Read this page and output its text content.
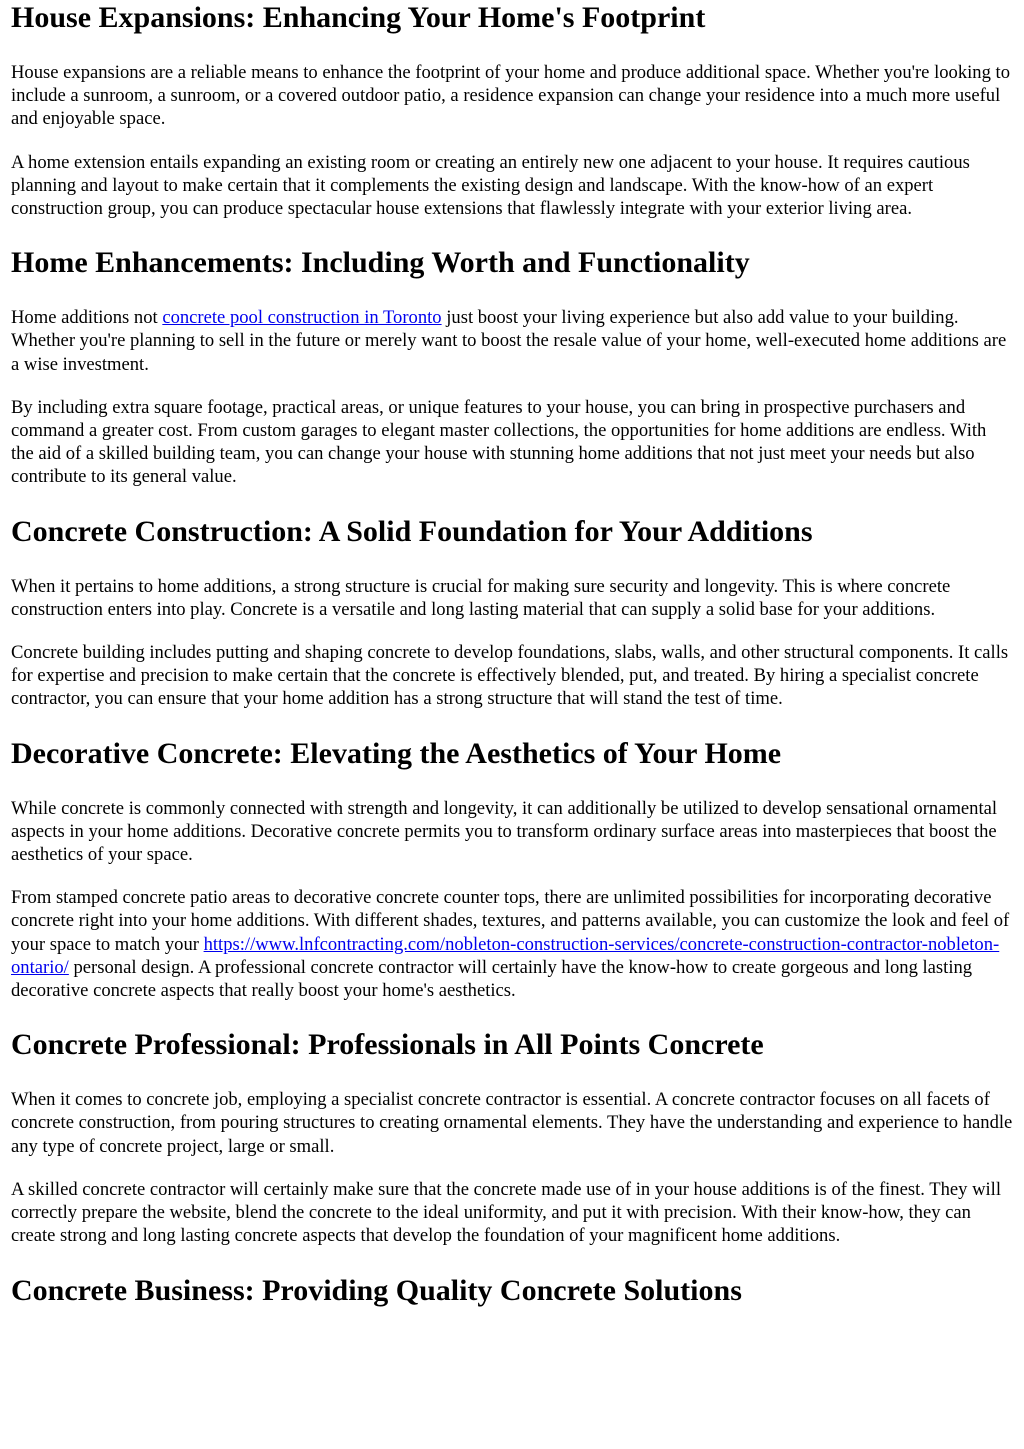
House Expansions: Enhancing Your Home's Footprint

House expansions are a reliable means to enhance the footprint of your home and produce additional space. Whether you're looking to include a sunroom, a sunroom, or a covered outdoor patio, a residence expansion can change your residence into a much more useful and enjoyable space.

A home extension entails expanding an existing room or creating an entirely new one adjacent to your house. It requires cautious planning and layout to make certain that it complements the existing design and landscape. With the know-how of an expert construction group, you can produce spectacular house extensions that flawlessly integrate with your exterior living area.

Home Enhancements: Including Worth and Functionality

Home additions not concrete pool construction in Toronto just boost your living experience but also add value to your building. Whether you're planning to sell in the future or merely want to boost the resale value of your home, well-executed home additions are a wise investment.

By including extra square footage, practical areas, or unique features to your house, you can bring in prospective purchasers and command a greater cost. From custom garages to elegant master collections, the opportunities for home additions are endless. With the aid of a skilled building team, you can change your house with stunning home additions that not just meet your needs but also contribute to its general value.

Concrete Construction: A Solid Foundation for Your Additions

When it pertains to home additions, a strong structure is crucial for making sure security and longevity. This is where concrete construction enters into play. Concrete is a versatile and long lasting material that can supply a solid base for your additions.

Concrete building includes putting and shaping concrete to develop foundations, slabs, walls, and other structural components. It calls for expertise and precision to make certain that the concrete is effectively blended, put, and treated. By hiring a specialist concrete contractor, you can ensure that your home addition has a strong structure that will stand the test of time.

Decorative Concrete: Elevating the Aesthetics of Your Home

While concrete is commonly connected with strength and longevity, it can additionally be utilized to develop sensational ornamental aspects in your home additions. Decorative concrete permits you to transform ordinary surface areas into masterpieces that boost the aesthetics of your space.

From stamped concrete patio areas to decorative concrete counter tops, there are unlimited possibilities for incorporating decorative concrete right into your home additions. With different shades, textures, and patterns available, you can customize the look and feel of your space to match your https://www.lnfcontracting.com/nobleton-construction-services/concrete-construction-contractor-nobleton-ontario/ personal design. A professional concrete contractor will certainly have the know-how to create gorgeous and long lasting decorative concrete aspects that really boost your home's aesthetics.

Concrete Professional: Professionals in All Points Concrete

When it comes to concrete job, employing a specialist concrete contractor is essential. A concrete contractor focuses on all facets of concrete construction, from pouring structures to creating ornamental elements. They have the understanding and experience to handle any type of concrete project, large or small.

A skilled concrete contractor will certainly make sure that the concrete made use of in your house additions is of the finest. They will correctly prepare the website, blend the concrete to the ideal uniformity, and put it with precision. With their know-how, they can create strong and long lasting concrete aspects that develop the foundation of your magnificent home additions.

Concrete Business: Providing Quality Concrete Solutions
